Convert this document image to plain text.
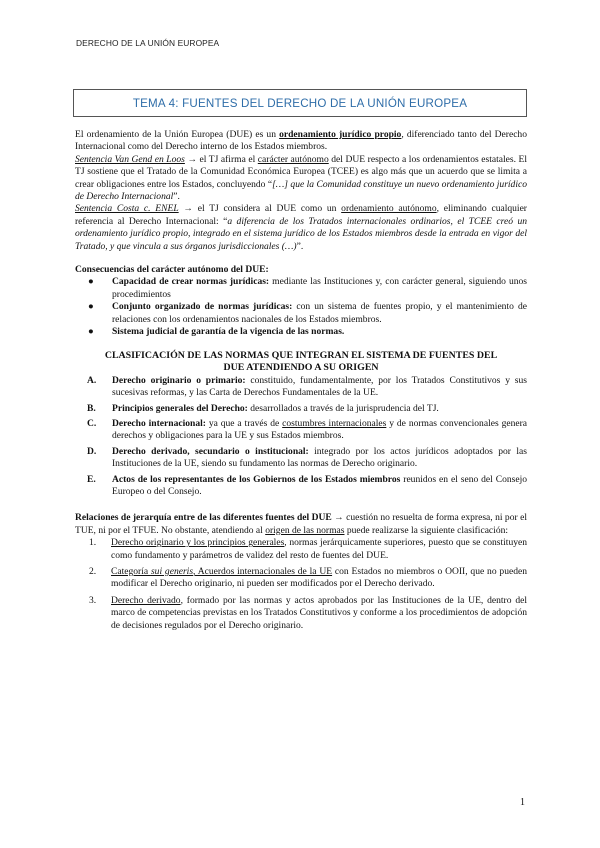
DERECHO DE LA UNIÓN EUROPEA
TEMA 4: FUENTES DEL DERECHO DE LA UNIÓN EUROPEA

El ordenamiento de la Unión Europea (DUE) es un ordenamiento jurídico propio, diferenciado tanto del Derecho Internacional como del Derecho interno de los Estados miembros.

Sentencia Van Gend en Loos → el TJ afirma el carácter autónomo del DUE respecto a los ordenamientos estatales. El TJ sostiene que el Tratado de la Comunidad Económica Europea (TCEE) es algo más que un acuerdo que se limita a crear obligaciones entre los Estados, concluyendo “[…] que la Comunidad constituye un nuevo ordenamiento jurídico de Derecho Internacional”.

Sentencia Costa c. ENEL → el TJ considera al DUE como un ordenamiento autónomo, eliminando cualquier referencia al Derecho Internacional: “a diferencia de los Tratados internacionales ordinarios, el TCEE creó un ordenamiento jurídico propio, integrado en el sistema jurídico de los Estados miembros desde la entrada en vigor del Tratado, y que vincula a sus órganos jurisdiccionales (…)”.

Consecuencias del carácter autónomo del DUE:

● Capacidad de crear normas jurídicas: mediante las Instituciones y, con carácter general, siguiendo unos procedimientos
● Conjunto organizado de normas jurídicas: con un sistema de fuentes propio, y el mantenimiento de relaciones con los ordenamientos nacionales de los Estados miembros.
● Sistema judicial de garantía de la vigencia de las normas.

CLASIFICACIÓN DE LAS NORMAS QUE INTEGRAN EL SISTEMA DE FUENTES DEL
DUE ATENDIENDO A SU ORIGEN

A. Derecho originario o primario: constituido, fundamentalmente, por los Tratados Constitutivos y sus sucesivas reformas, y las Carta de Derechos Fundamentales de la UE.
B. Principios generales del Derecho: desarrollados a través de la jurisprudencia del TJ.
C. Derecho internacional: ya que a través de costumbres internacionales y de normas convencionales genera derechos y obligaciones para la UE y sus Estados miembros.
D. Derecho derivado, secundario o institucional: integrado por los actos jurídicos adoptados por las Instituciones de la UE, siendo su fundamento las normas de Derecho originario.
E. Actos de los representantes de los Gobiernos de los Estados miembros reunidos en el seno del Consejo Europeo o del Consejo.

Relaciones de jerarquía entre de las diferentes fuentes del DUE → cuestión no resuelta de forma expresa, ni por el TUE, ni por el TFUE. No obstante, atendiendo al origen de las normas puede realizarse la siguiente clasificación:

1. Derecho originario y los principios generales, normas jerárquicamente superiores, puesto que se constituyen como fundamento y parámetros de validez del resto de fuentes del DUE.
2. Categoría sui generis, Acuerdos internacionales de la UE con Estados no miembros o OOII, que no pueden modificar el Derecho originario, ni pueden ser modificados por el Derecho derivado.
3. Derecho derivado, formado por las normas y actos aprobados por las Instituciones de la UE, dentro del marco de competencias previstas en los Tratados Constitutivos y conforme a los procedimientos de adopción de decisiones regulados por el Derecho originario.
1
